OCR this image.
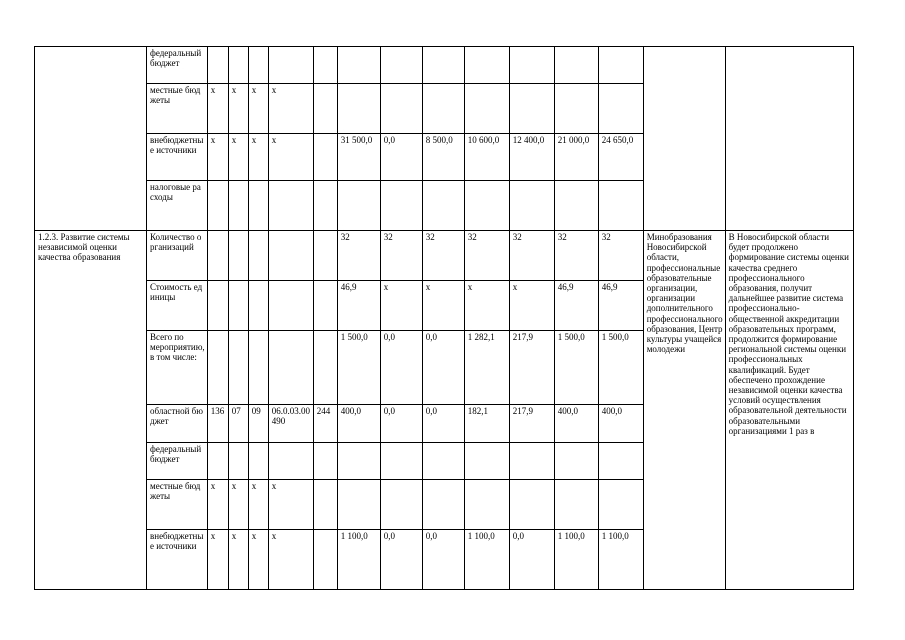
	федеральный бюджет														
	местные бюджеты	x	x	x	x										
	внебюджетные источники	x	x	x	x		31 500,0	0,0	8 500,0	10 600,0	12 400,0	21 000,0	24 650,0		
	налоговые расходы														
1.2.3. Развитие системы независимой оценки качества образования	Количество организаций						32	32	32	32	32	32	32	Минобразования Новосибирской области, профессиональные образовательные организации, организации дополнительного профессионального образования, Центр культуры учащейся молодежи	В Новосибирской области будет продолжено формирование системы оценки качества среднего профессионального образования, получит дальнейшее развитие система профессионально-общественной аккредитации образовательных программ, продолжится формирование региональной системы оценки профессиональных квалификаций. Будет обеспечено прохождение независимой оценки качества условий осуществления образовательной деятельности образовательными организациями 1 раз в
	Стоимость единицы						46,9	x	x	x	x	46,9	46,9		
	Всего по мероприятию, в том числе:						1 500,0	0,0	0,0	1 282,1	217,9	1 500,0	1 500,0		
	областной бюджет	136	07	09	06.0.03.00490	244	400,0	0,0	0,0	182,1	217,9	400,0	400,0		
	федеральный бюджет														
	местные бюджеты	x	x	x	x										
	внебюджетные источники	x	x	x	x		1 100,0	0,0	0,0	1 100,0	0,0	1 100,0	1 100,0		
